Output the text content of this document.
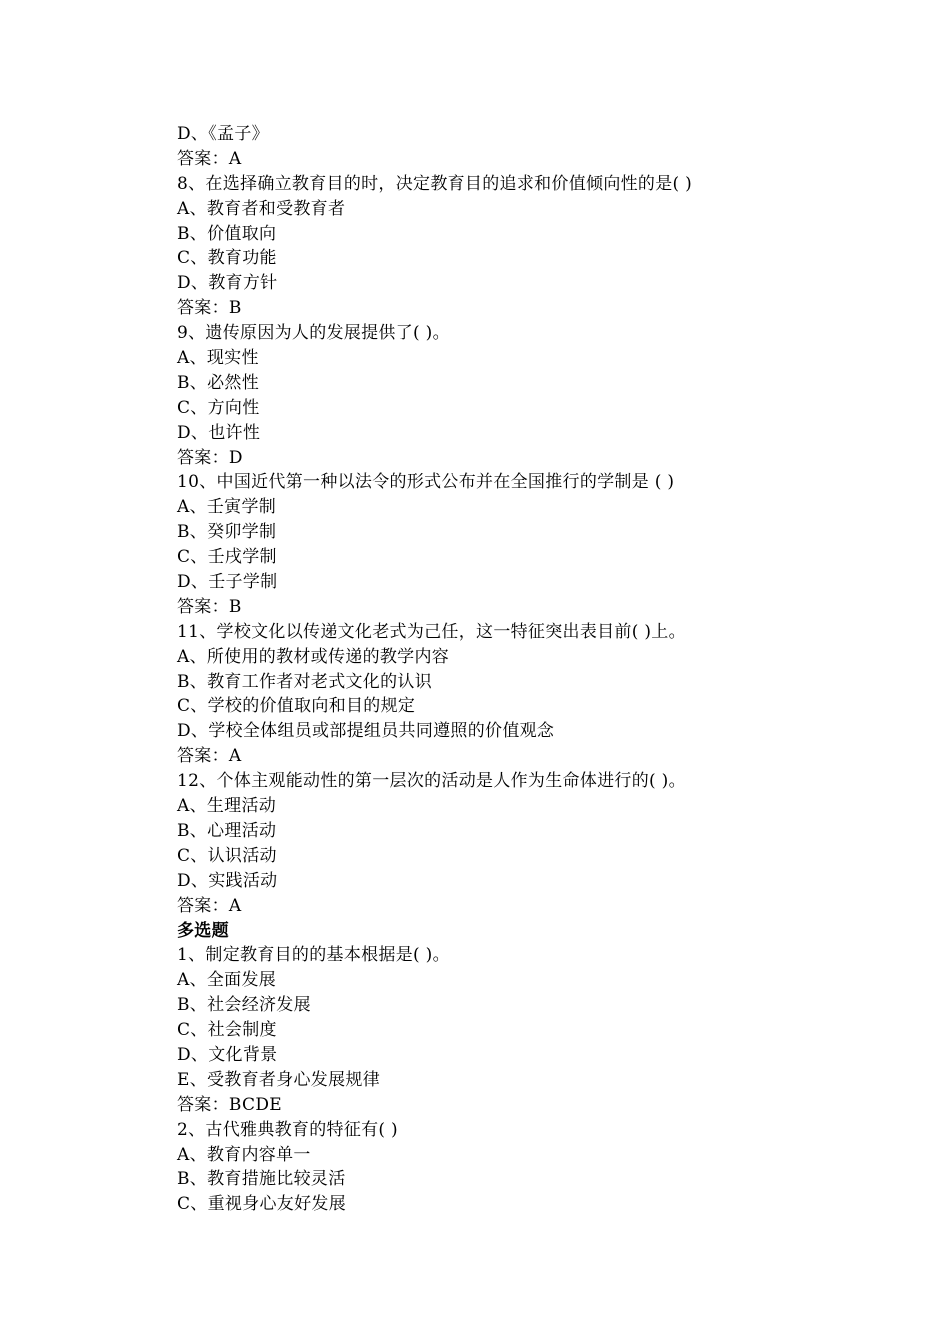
D、《孟子》
答案：A
8、在选择确立教育目的时，决定教育目的追求和价值倾向性的是( )
A、教育者和受教育者
B、价值取向
C、教育功能
D、教育方针
答案：B
9、遗传原因为人的发展提供了( )。
A、现实性
B、必然性
C、方向性
D、也许性
答案：D
10、中国近代第一种以法令的形式公布并在全国推行的学制是 ( )
A、壬寅学制
B、癸卯学制
C、壬戌学制
D、壬子学制
答案：B
11、学校文化以传递文化老式为己任，这一特征突出表目前( )上。
A、所使用的教材或传递的教学内容
B、教育工作者对老式文化的认识
C、学校的价值取向和目的规定
D、学校全体组员或部提组员共同遵照的价值观念
答案：A
12、个体主观能动性的第一层次的活动是人作为生命体进行的( )。
A、生理活动
B、心理活动
C、认识活动
D、实践活动
答案：A
多选题
1、制定教育目的的基本根据是( )。
A、全面发展
B、社会经济发展
C、社会制度
D、文化背景
E、受教育者身心发展规律
答案：BCDE
2、古代雅典教育的特征有( )
A、教育内容单一
B、教育措施比较灵活
C、重视身心友好发展
